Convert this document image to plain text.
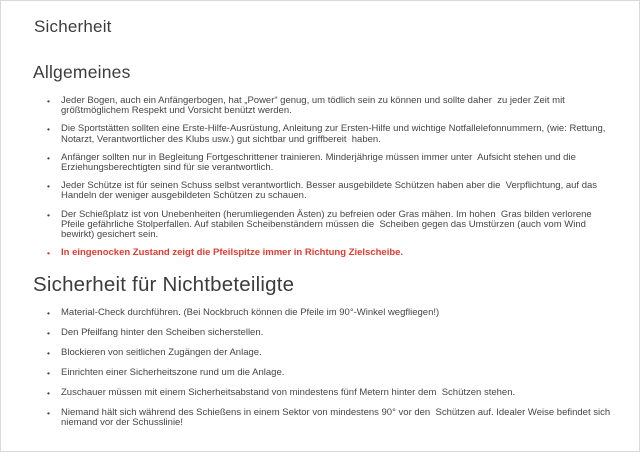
Sicherheit
Allgemeines
•	Jeder Bogen, auch ein Anfängerbogen, hat „Power“ genug, um tödlich sein zu können und sollte daher  zu jeder Zeit mit größtmöglichem Respekt und Vorsicht benützt werden.
•	Die Sportstätten sollten eine Erste-Hilfe-Ausrüstung, Anleitung zur Ersten-Hilfe und wichtige Notfallelefonnummern, (wie: Rettung, Notarzt, Verantwortlicher des Klubs usw.) gut sichtbar und griffbereit  haben.
•	Anfänger sollten nur in Begleitung Fortgeschrittener trainieren. Minderjährige müssen immer unter  Aufsicht stehen und die Erziehungsberechtigten sind für sie verantwortlich.
•	Jeder Schütze ist für seinen Schuss selbst verantwortlich. Besser ausgebildete Schützen haben aber die  Verpflichtung, auf das Handeln der weniger ausgebildeten Schützen zu schauen.
•	Der Schießplatz ist von Unebenheiten (herumliegenden Ästen) zu befreien oder Gras mähen. Im hohen  Gras bilden verlorene Pfeile gefährliche Stolperfallen. Auf stabilen Scheibenständern müssen die  Scheiben gegen das Umstürzen (auch vom Wind bewirkt) gesichert sein.
•	In eingenocken Zustand zeigt die Pfeilspitze immer in Richtung Zielscheibe.
Sicherheit für Nichtbeteiligte
•	Material-Check durchführen. (Bei Nockbruch können die Pfeile im 90°-Winkel wegfliegen!)
•	Den Pfeilfang hinter den Scheiben sicherstellen.
•	Blockieren von seitlichen Zugängen der Anlage.
•	Einrichten einer Sicherheitszone rund um die Anlage.
•	Zuschauer müssen mit einem Sicherheitsabstand von mindestens fünf Metern hinter dem  Schützen stehen.
•	Niemand hält sich während des Schießens in einem Sektor von mindestens 90° vor den  Schützen auf. Idealer Weise befindet sich niemand vor der Schusslinie!
